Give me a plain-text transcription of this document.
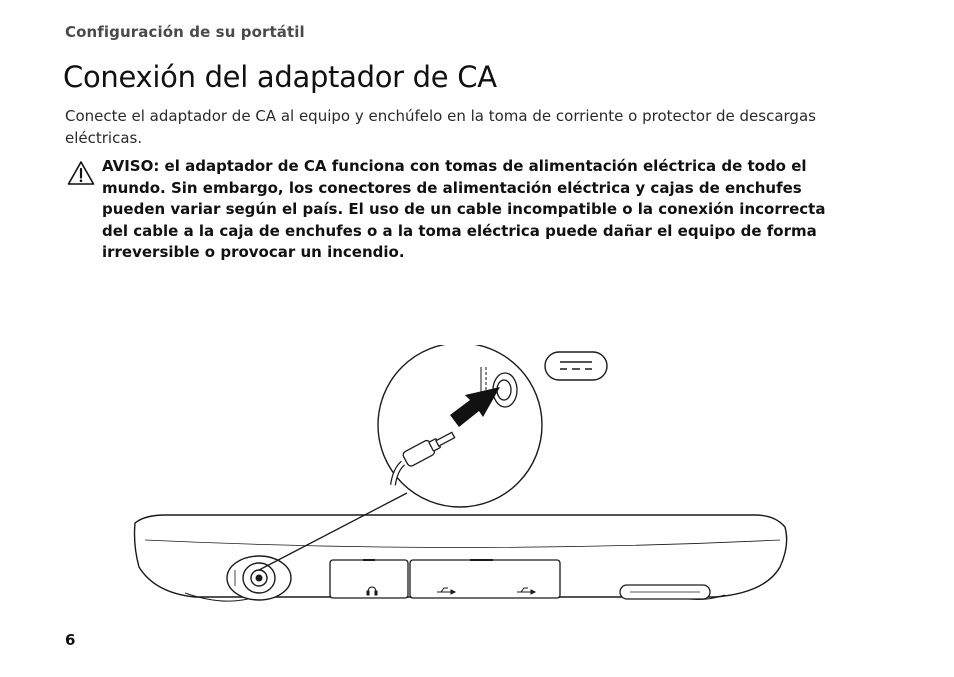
Configuración de su portátil
Conexión del adaptador de CA

Conecte el adaptador de CA al equipo y enchúfelo en la toma de corriente o protector de descargas eléctricas.

AVISO: el adaptador de CA funciona con tomas de alimentación eléctrica de todo el mundo. Sin embargo, los conectores de alimentación eléctrica y cajas de enchufes pueden variar según el país. El uso de un cable incompatible o la conexión incorrecta del cable a la caja de enchufes o a la toma eléctrica puede dañar el equipo de forma irreversible o provocar un incendio.

6
